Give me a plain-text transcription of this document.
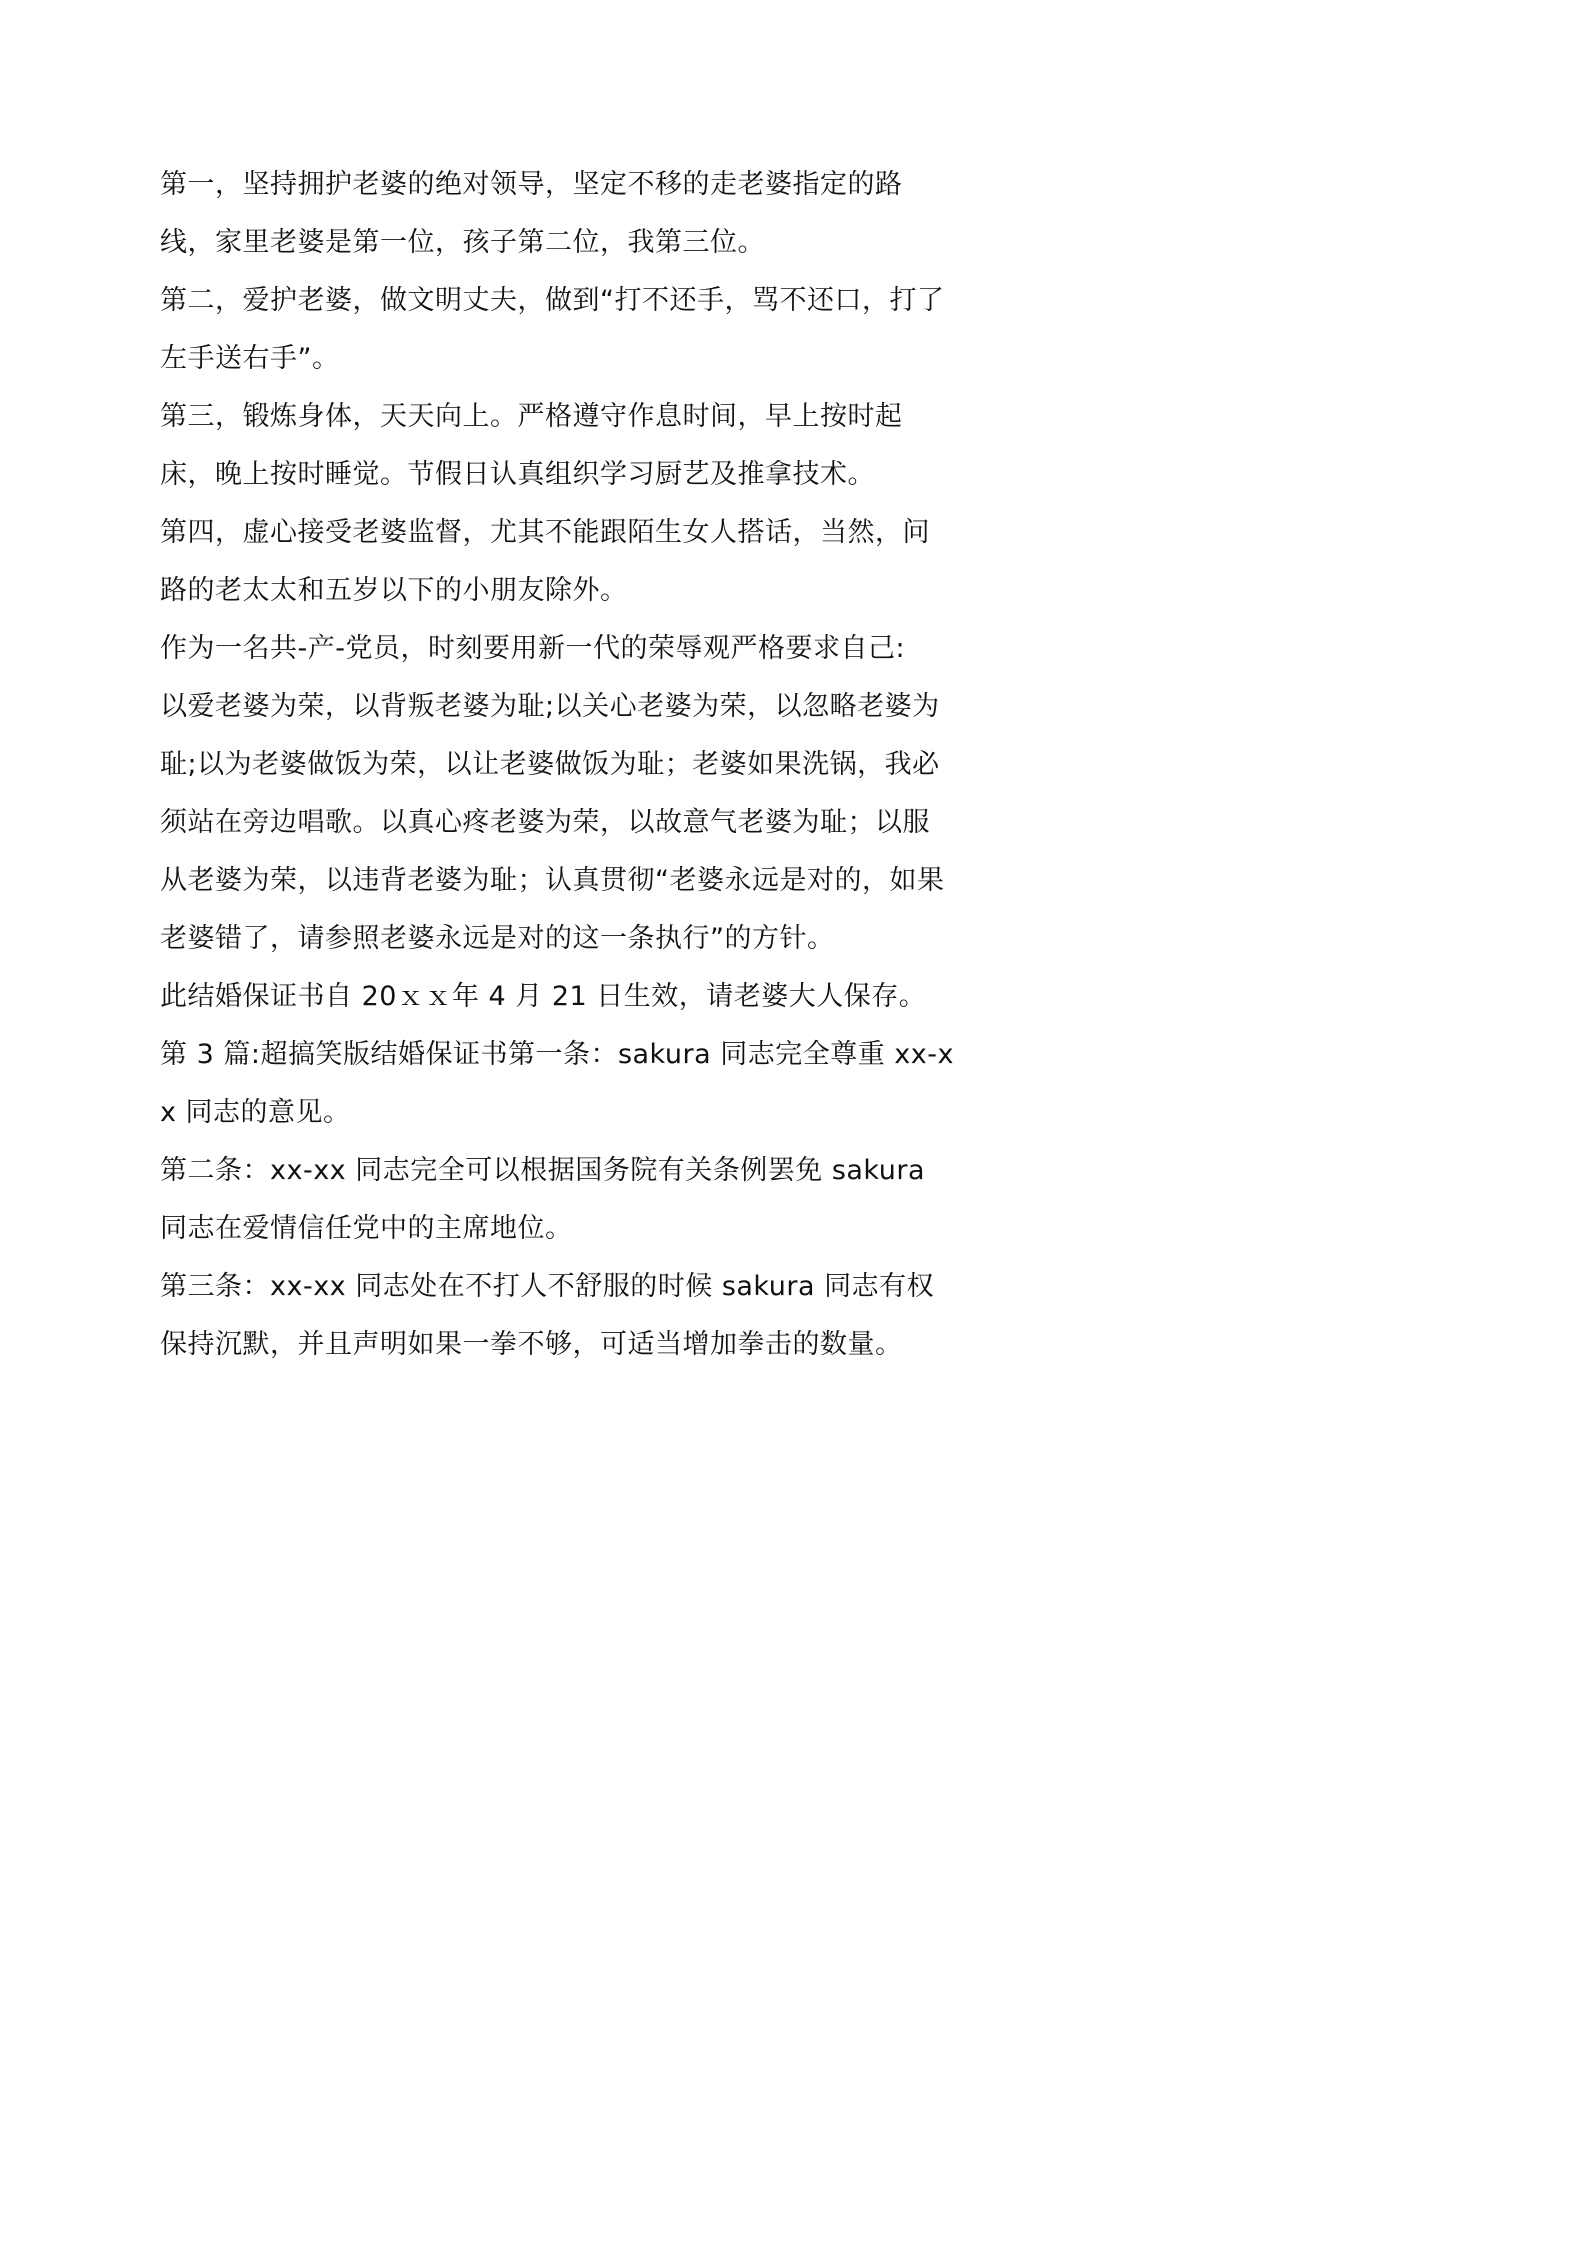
第一，坚持拥护老婆的绝对领导，坚定不移的走老婆指定的路线，家里老婆是第一位，孩子第二位，我第三位。

第二，爱护老婆，做文明丈夫，做到“打不还手，骂不还口，打了左手送右手”。

第三，锻炼身体，天天向上。严格遵守作息时间，早上按时起床，晚上按时睡觉。节假日认真组织学习厨艺及推拿技术。

第四，虚心接受老婆监督，尤其不能跟陌生女人搭话，当然，问路的老太太和五岁以下的小朋友除外。

作为一名共-产-党员，时刻要用新一代的荣辱观严格要求自己:

以爱老婆为荣，以背叛老婆为耻;以关心老婆为荣，以忽略老婆为耻;以为老婆做饭为荣，以让老婆做饭为耻；老婆如果洗锅，我必须站在旁边唱歌。以真心疼老婆为荣，以故意气老婆为耻；以服从老婆为荣，以违背老婆为耻；认真贯彻“老婆永远是对的，如果老婆错了，请参照老婆永远是对的这一条执行”的方针。

此结婚保证书自 20ｘｘ年 4 月 21 日生效，请老婆大人保存。

第 3 篇:超搞笑版结婚保证书第一条：sakura 同志完全尊重 xx-xx 同志的意见。

第二条：xx-xx 同志完全可以根据国务院有关条例罢免 sakura 同志在爱情信任党中的主席地位。

第三条：xx-xx 同志处在不打人不舒服的时候 sakura 同志有权保持沉默，并且声明如果一拳不够，可适当增加拳击的数量。
